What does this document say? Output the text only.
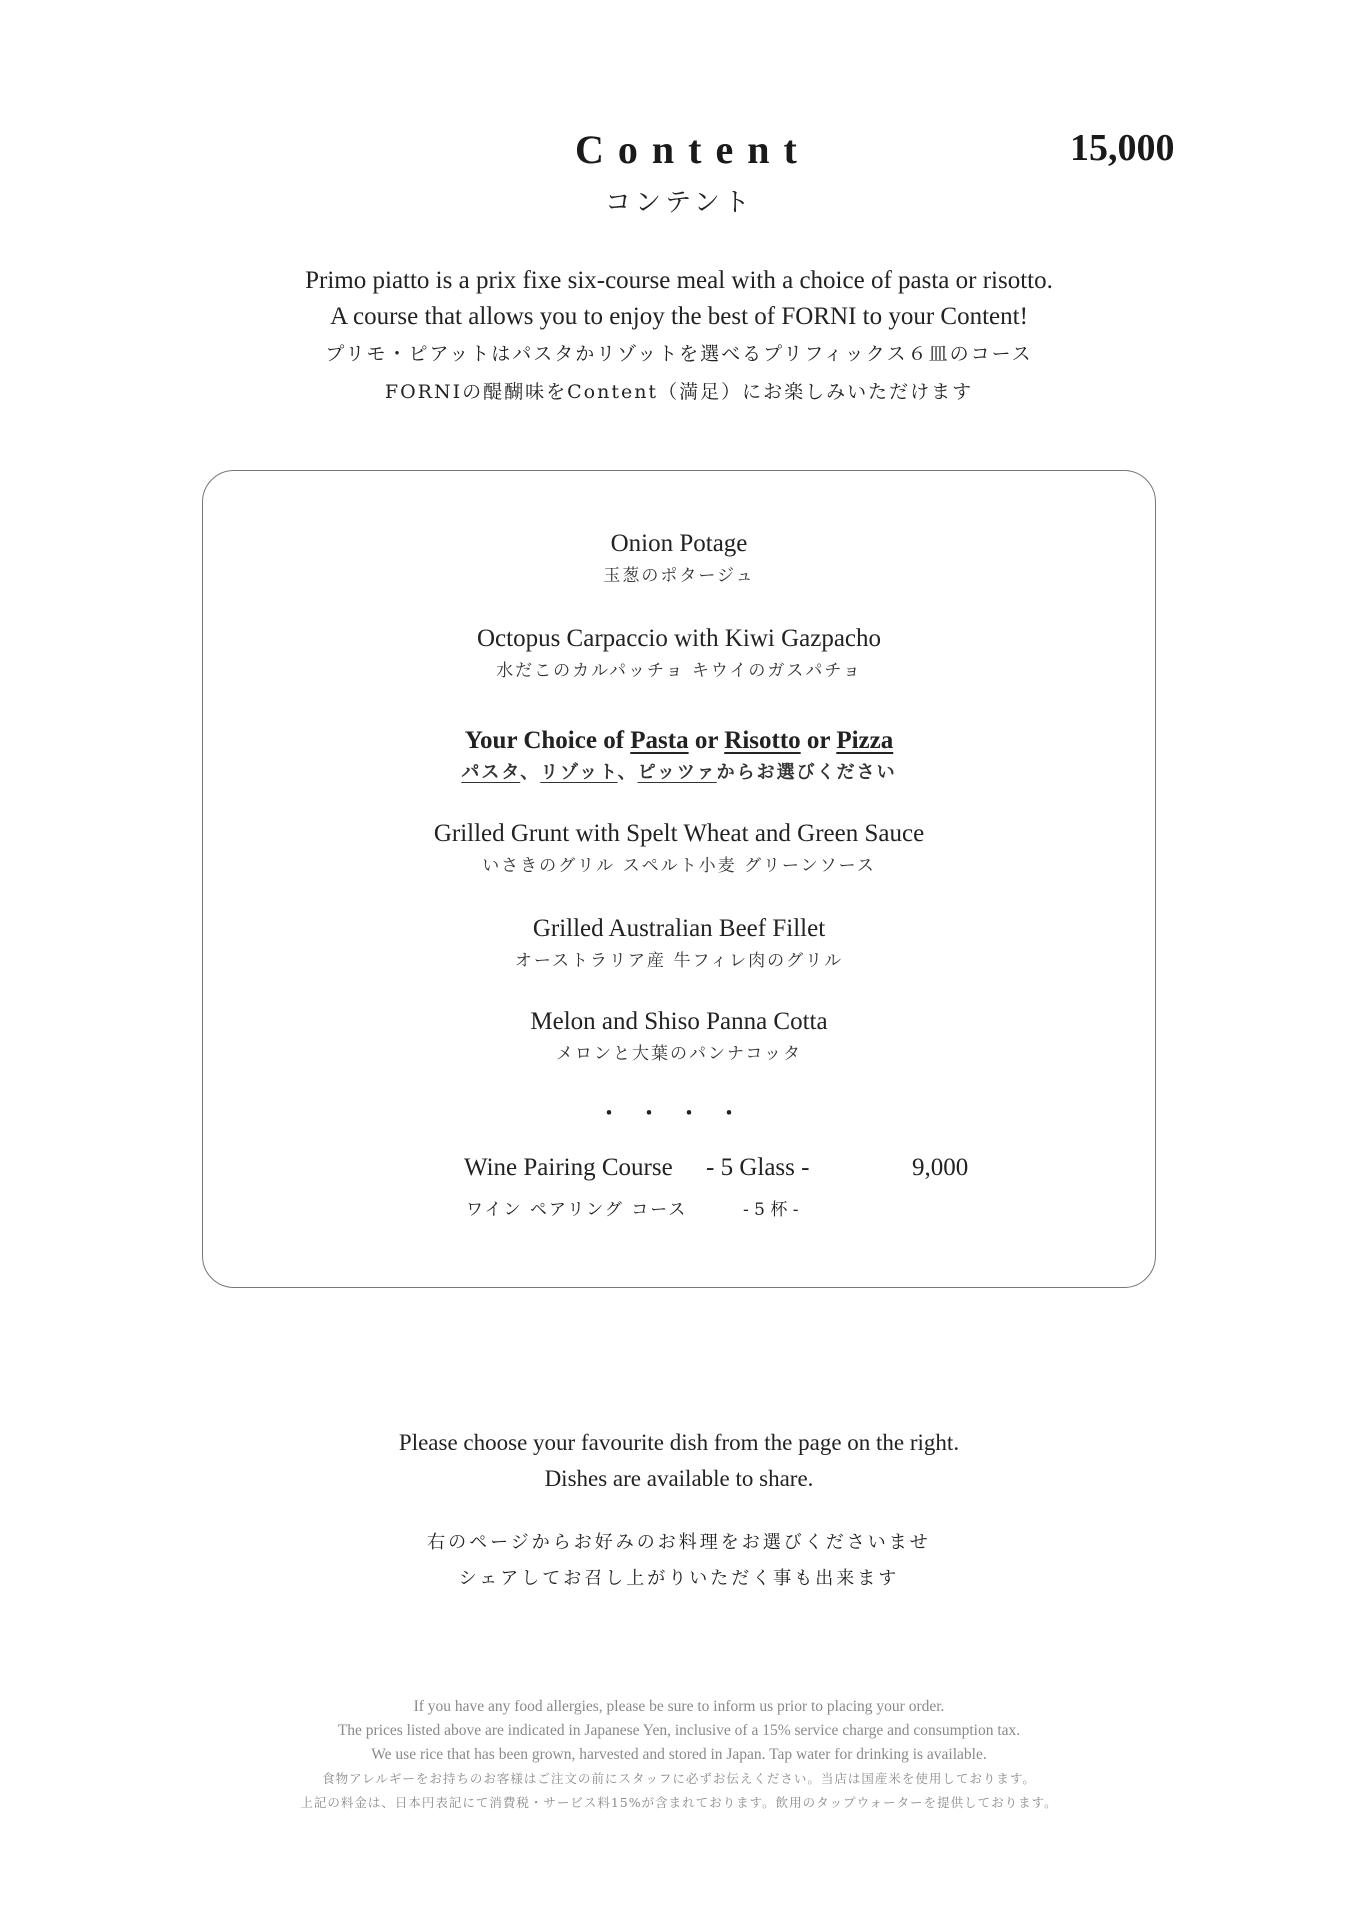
Content	15,000
コンテント
Primo piatto is a prix fixe six-course meal with a choice of pasta or risotto.
A course that allows you to enjoy the best of FORNI to your Content!
プリモ・ピアットはパスタかリゾットを選べるプリフィックス６皿のコース
FORNIの醍醐味をContent（満足）にお楽しみいただけます
Onion Potage
玉葱のポタージュ
Octopus Carpaccio with Kiwi Gazpacho
水だこのカルパッチョ キウイのガスパチョ
Your Choice of Pasta or Risotto or Pizza
パスタ、リゾット、ピッツァからお選びください
Grilled Grunt with Spelt Wheat and Green Sauce
いさきのグリル スペルト小麦 グリーンソース
Grilled Australian Beef Fillet
オーストラリア産 牛フィレ肉のグリル
Melon and Shiso Panna Cotta
メロンと大葉のパンナコッタ
・・・・
Wine Pairing Course - 5 Glass -	9,000
ワイン ペアリング コース	- 5 杯 -
Please choose your favourite dish from the page on the right.
Dishes are available to share.
右のページからお好みのお料理をお選びくださいませ
シェアしてお召し上がりいただく事も出来ます
If you have any food allergies, please be sure to inform us prior to placing your order.
The prices listed above are indicated in Japanese Yen, inclusive of a 15% service charge and consumption tax.
We use rice that has been grown, harvested and stored in Japan. Tap water for drinking is available.
食物アレルギーをお持ちのお客様はご注文の前にスタッフに必ずお伝えください。当店は国産米を使用しております。
上記の料金は、日本円表記にて消費税・サービス料15%が含まれております。飲用のタップウォーターを提供しております。
